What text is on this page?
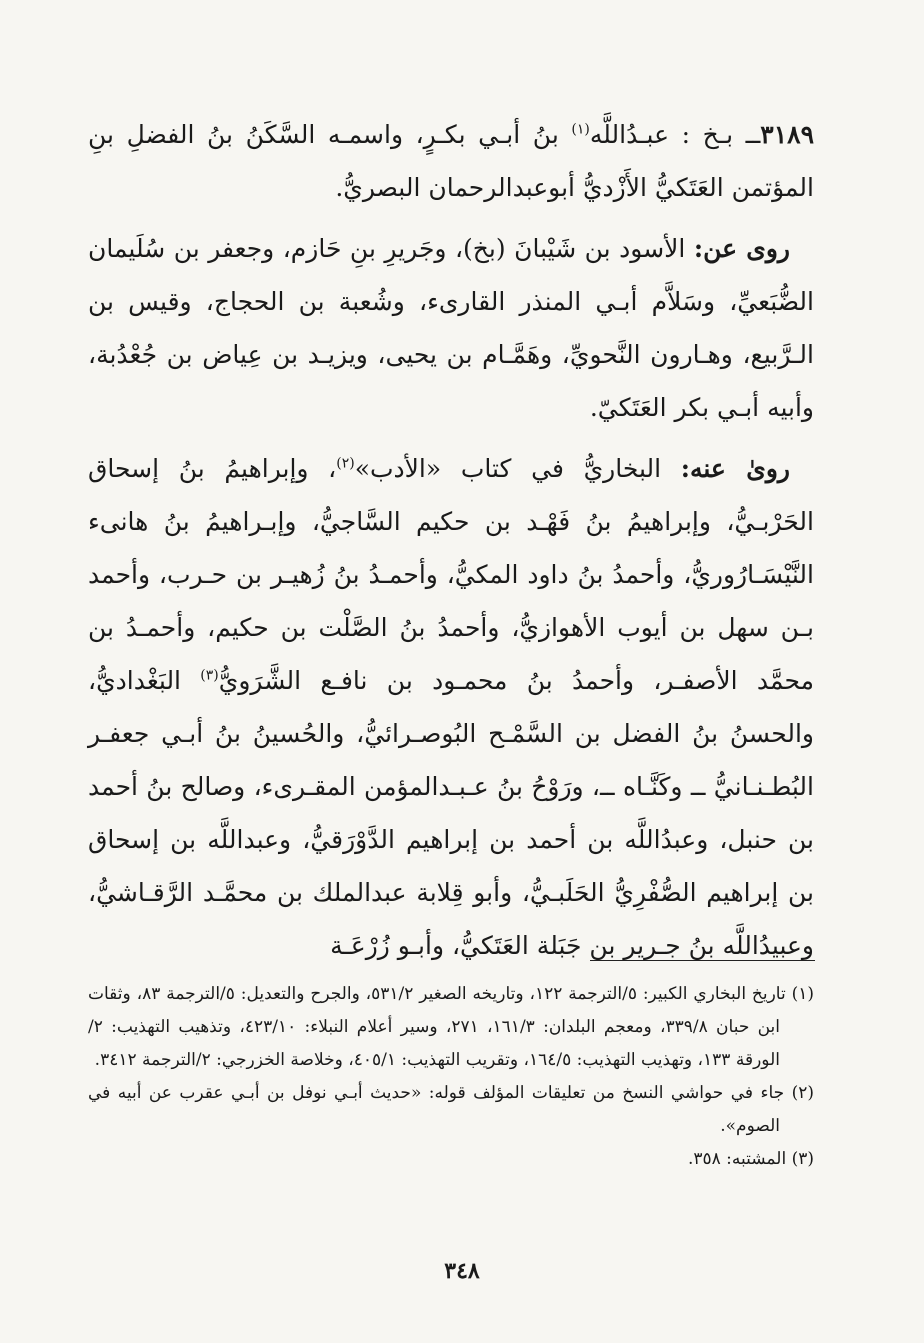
٣١٨٩ــ بـخ : عبـدُاللَّه$^{(١)}$ بنُ أبـي بكـرٍ، واسمـه السَّكَنُ بنُ الفضلِ بنِ المؤتمن العَتَكيُّ الأَزْديُّ أبوعبدالرحمان البصريُّ.

روى عن: الأسود بن شَيْبانَ (بخ)، وجَريرِ بنِ حَازم، وجعفر بن سُلَيمان الضُّبَعيِّ، وسَلاَّم أبـي المنذر القارىء، وشُعبة بن الحجاج، وقيس بن الـرَّبيع، وهـارون النَّحويِّ، وهَمَّـام بن يحيى، ويزيـد بن عِياض بن جُعْدُبة، وأبيه أبـي بكر العَتَكيّ.

روىٰ عنه: البخاريُّ في كتاب «الأدب»$^{(٢)}$، وإبراهيمُ بنُ إسحاق الحَرْبـيُّ، وإبراهيمُ بنُ فَهْـد بن حكيم السَّاجيُّ، وإبـراهيمُ بنُ هانىء النَّيْسَـارُوريُّ، وأحمدُ بنُ داود المكيُّ، وأحمـدُ بنُ زُهيـر بن حـرب، وأحمد بـن سهل بن أيوب الأهوازيُّ، وأحمدُ بنُ الصَّلْت بن حكيم، وأحمـدُ بن محمَّد الأصفـر، وأحمدُ بنُ محمـود بن نافـع الشَّرَويُّ$^{(٣)}$ البَغْداديُّ، والحسنُ بنُ الفضل بن السَّمْـح البُوصـرائيُّ، والحُسينُ بنُ أبـي جعفـر البُطـنـانيُّ ــ وكَنَّـاه ــ، ورَوْحُ بنُ عـبـدالمؤمن المقـرىء، وصالح بنُ أحمد بن حنبل، وعبدُاللَّه بن أحمد بن إبراهيم الدَّوْرَقيُّ، وعبداللَّه بن إسحاق بن إبراهيم الصُّفْرِيُّ الحَلَبـيُّ، وأبو قِلابة عبدالملك بن محمَّـد الرَّقـاشيُّ، وعبيدُاللَّه بنُ جـرير بن جَبَلة العَتَكيُّ، وأبـو زُرْعَـة

(١) تاريخ البخاري الكبير: ٥/الترجمة ١٢٢، وتاريخه الصغير ٥٣١/٢، والجرح والتعديل: ٥/الترجمة ٨٣، وثقات ابن حبان ٣٣٩/٨، ومعجم البلدان: ١٦١/٣، ٢٧١، وسير أعلام النبلاء: ٤٢٣/١٠، وتذهيب التهذيب: ٢/الورقة ١٣٣، وتهذيب التهذيب: ١٦٤/٥، وتقريب التهذيب: ٤٠٥/١، وخلاصة الخزرجي: ٢/الترجمة ٣٤١٢.

(٢) جاء في حواشي النسخ من تعليقات المؤلف قوله: «حديث أبـي نوفل بن أبـي عقرب عن أبيه في الصوم».

(٣) المشتبه: ٣٥٨.

٣٤٨
